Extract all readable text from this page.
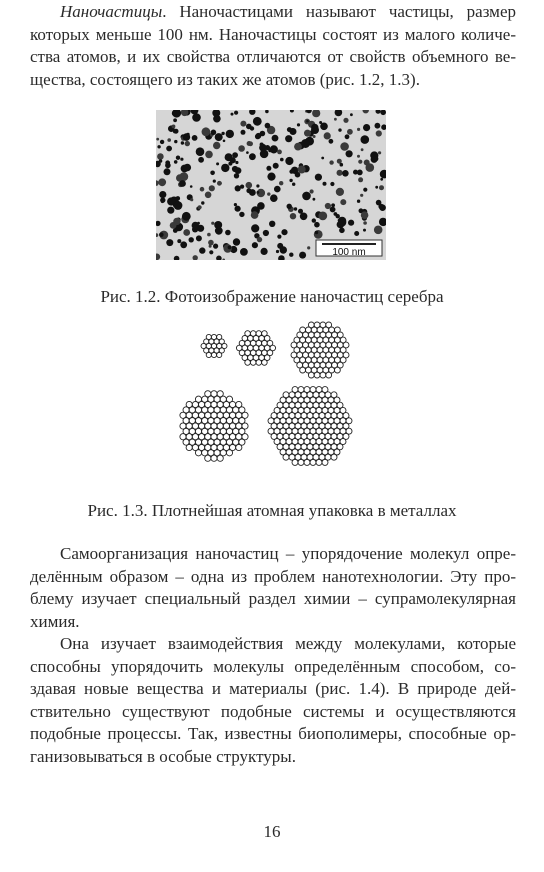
Наночастицы. Наночастицами называют частицы, размер
которых меньше 100 нм. Наночастицы состоят из малого количе-
ства атомов, и их свойства отличаются от свойств объемного ве-
щества, состоящего из таких же атомов (рис. 1.2, 1.3).
100 nm
Рис. 1.2. Фотоизображение наночастиц серебра
Рис. 1.3. Плотнейшая атомная упаковка в металлах
Самоорганизация наночастиц – упорядочение молекул опре-
делённым образом – одна из проблем нанотехнологии. Эту про-
блему изучает специальный раздел химии – супрамолекулярная
химия.
Она изучает взаимодействия между молекулами, которые
способны упорядочить молекулы определённым способом, со-
здавая новые вещества и материалы (рис. 1.4). В природе дей-
ствительно существуют подобные системы и осуществляются
подобные процессы. Так, известны биополимеры, способные ор-
ганизовываться в особые структуры.
16
